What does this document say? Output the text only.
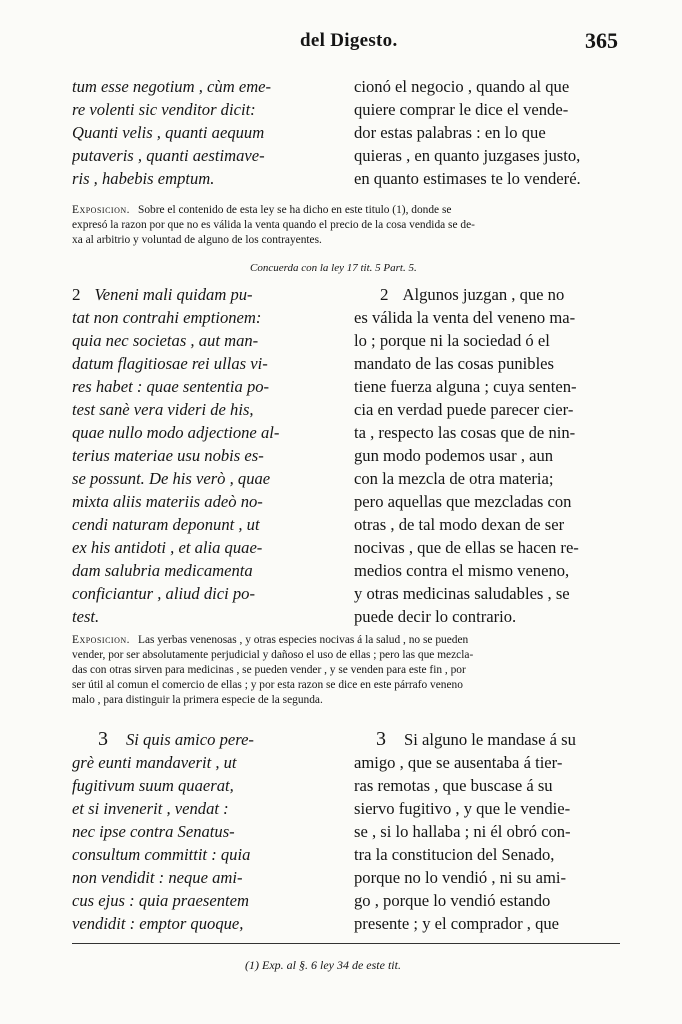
del Digesto.	365
tum esse negotium , cùm eme-
re volenti sic venditor dicit:
Quanti velis , quanti aequum
putaveris , quanti aestimave-
ris , habebis emptum.
cionó el negocio , quando al que
quiere comprar le dice el vende-
dor estas palabras : en lo que
quieras , en quanto juzgases justo,
en quanto estimases te lo venderé.
Exposicion. Sobre el contenido de esta ley se ha dicho en este titulo (1), donde se
expresó la razon por que no es válida la venta quando el precio de la cosa vendida se de-
xa al arbitrio y voluntad de alguno de los contrayentes.
Concuerda con la ley 17 tit. 5 Part. 5.
2 Veneni mali quidam pu-
tat non contrahi emptionem:
quia nec societas , aut man-
datum flagitiosae rei ullas vi-
res habet : quae sententia po-
test sanè vera videri de his,
quae nullo modo adjectione al-
terius materiae usu nobis es-
se possunt. De his verò , quae
mixta aliis materiis adeò no-
cendi naturam deponunt , ut
ex his antidoti , et alia quae-
dam salubria medicamenta
conficiantur , aliud dici po-
test.
2 Algunos juzgan , que no
es válida la venta del veneno ma-
lo ; porque ni la sociedad ó el
mandato de las cosas punibles
tiene fuerza alguna ; cuya senten-
cia en verdad puede parecer cier-
ta , respecto las cosas que de nin-
gun modo podemos usar , aun
con la mezcla de otra materia;
pero aquellas que mezcladas con
otras , de tal modo dexan de ser
nocivas , que de ellas se hacen re-
medios contra el mismo veneno,
y otras medicinas saludables , se
puede decir lo contrario.
Exposicion. Las yerbas venenosas , y otras especies nocivas á la salud , no se pueden
vender, por ser absolutamente perjudicial y dañoso el uso de ellas ; pero las que mezcla-
das con otras sirven para medicinas , se pueden vender , y se venden para este fin , por
ser útil al comun el comercio de ellas ; y por esta razon se dice en este párrafo veneno
malo , para distinguir la primera especie de la segunda.
3 Si quis amico pere-
grè eunti mandaverit , ut
fugitivum suum quaerat,
et si invenerit , vendat :
nec ipse contra Senatus-
consultum committit : quia
non vendidit : neque ami-
cus ejus : quia praesentem
vendidit : emptor quoque,
3 Si alguno le mandase á su
amigo , que se ausentaba á tier-
ras remotas , que buscase á su
siervo fugitivo , y que le vendie-
se , si lo hallaba ; ni él obró con-
tra la constitucion del Senado,
porque no lo vendió , ni su ami-
go , porque lo vendió estando
presente ; y el comprador , que
(1) Exp. al §. 6 ley 34 de este tit.
